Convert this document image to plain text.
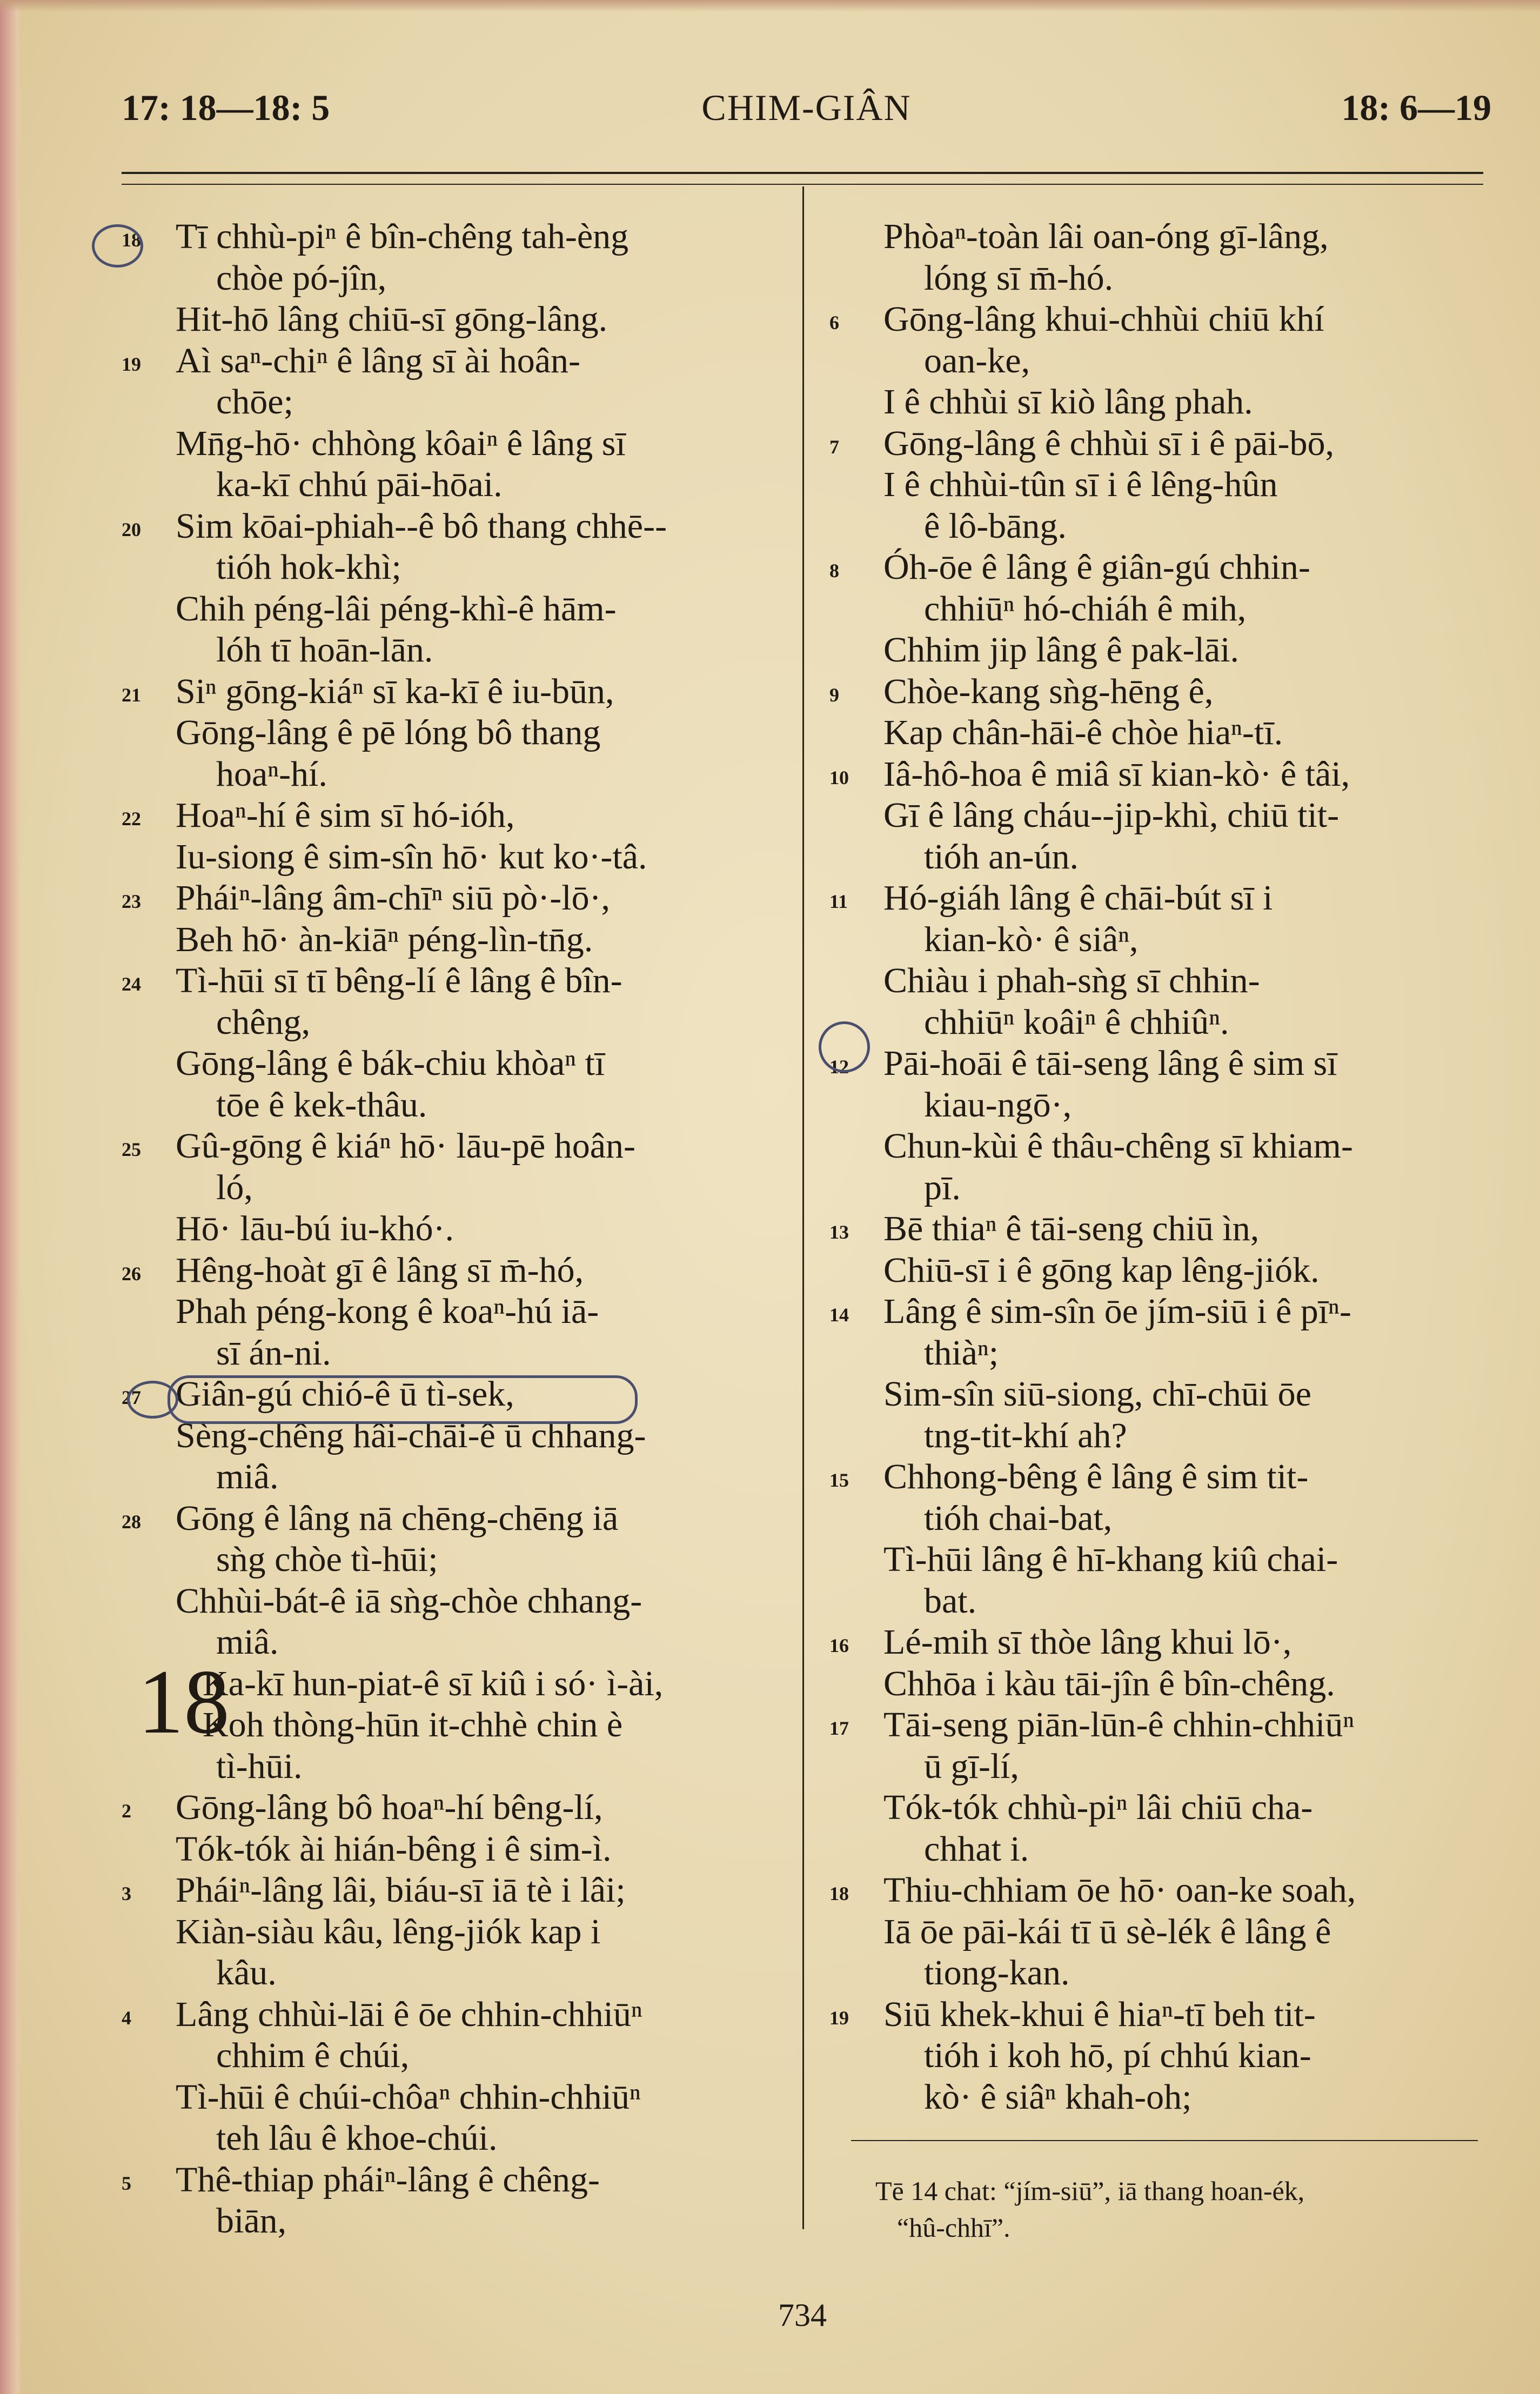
17: 18—18: 5	CHIM-GIÂN	18: 6—19
18 Tī chhù-piⁿ ê bîn-chêng tah-èng
chòe pó-jîn,
Hit-hō lâng chiū-sī gōng-lâng.
19 Aì saⁿ-chiⁿ ê lâng sī ài hoân-
chōe;
Mn̄g-hō· chhòng kôaiⁿ ê lâng sī
ka-kī chhú pāi-hōai.
20 Sim kōai-phiah--ê bô thang chhē--
tióh hok-khì;
Chih péng-lâi péng-khì-ê hām-
lóh tī hoān-lān.
21 Siⁿ gōng-kiáⁿ sī ka-kī ê iu-būn,
Gōng-lâng ê pē lóng bô thang
hoaⁿ-hí.
22 Hoaⁿ-hí ê sim sī hó-ióh,
Iu-siong ê sim-sîn hō· kut ko·-tâ.
23 Pháiⁿ-lâng âm-chīⁿ siū pò·-lō·,
Beh hō· àn-kiāⁿ péng-lìn-tn̄g.
24 Tì-hūi sī tī bêng-lí ê lâng ê bîn-
chêng,
Gōng-lâng ê bák-chiu khòaⁿ tī
tōe ê kek-thâu.
25 Gû-gōng ê kiáⁿ hō· lāu-pē hoân-
ló,
Hō· lāu-bú iu-khó·.
26 Hêng-hoàt gī ê lâng sī m̄-hó,
Phah péng-kong ê koaⁿ-hú iā-
sī án-ni.
27 Giân-gú chió-ê ū tì-sek,
Sèng-chêng hâi-chāi-ê ū chhang-
miâ.
28 Gōng ê lâng nā chēng-chēng iā
sǹg chòe tì-hūi;
Chhùi-bát-ê iā sǹg-chòe chhang-
miâ.
18
Ka-kī hun-piat-ê sī kiû i só· ì-ài,
Koh thòng-hūn it-chhè chin è
tì-hūi.
2 Gōng-lâng bô hoaⁿ-hí bêng-lí,
Tók-tók ài hián-bêng i ê sim-ì.
3 Pháiⁿ-lâng lâi, biáu-sī iā tè i lâi;
Kiàn-siàu kâu, lêng-jiók kap i
kâu.
4 Lâng chhùi-lāi ê ōe chhin-chhiūⁿ
chhim ê chúi,
Tì-hūi ê chúi-chôaⁿ chhin-chhiūⁿ
teh lâu ê khoe-chúi.
5 Thê-thiap pháiⁿ-lâng ê chêng-
biān,
Phòaⁿ-toàn lâi oan-óng gī-lâng,
lóng sī m̄-hó.
6 Gōng-lâng khui-chhùi chiū khí
oan-ke,
I ê chhùi sī kiò lâng phah.
7 Gōng-lâng ê chhùi sī i ê pāi-bō,
I ê chhùi-tûn sī i ê lêng-hûn
ê lô-bāng.
8 Óh-ōe ê lâng ê giân-gú chhin-
chhiūⁿ hó-chiáh ê mih,
Chhim jip lâng ê pak-lāi.
9 Chòe-kang sǹg-hēng ê,
Kap chân-hāi-ê chòe hiaⁿ-tī.
10 Iâ-hô-hoa ê miâ sī kian-kò· ê tâi,
Gī ê lâng cháu--jip-khì, chiū tit-
tióh an-ún.
11 Hó-giáh lâng ê chāi-bút sī i
kian-kò· ê siâⁿ,
Chiàu i phah-sǹg sī chhin-
chhiūⁿ koâiⁿ ê chhiûⁿ.
12 Pāi-hoāi ê tāi-seng lâng ê sim sī
kiau-ngō·,
Chun-kùi ê thâu-chêng sī khiam-
pī.
13 Bē thiaⁿ ê tāi-seng chiū ìn,
Chiū-sī i ê gōng kap lêng-jiók.
14 Lâng ê sim-sîn ōe jím-siū i ê pīⁿ-
thiàⁿ;
Sim-sîn siū-siong, chī-chūi ōe
tng-tit-khí ah?
15 Chhong-bêng ê lâng ê sim tit-
tióh chai-bat,
Tì-hūi lâng ê hī-khang kiû chai-
bat.
16 Lé-mih sī thòe lâng khui lō·,
Chhōa i kàu tāi-jîn ê bîn-chêng.
17 Tāi-seng piān-lūn-ê chhin-chhiūⁿ
ū gī-lí,
Tók-tók chhù-piⁿ lâi chiū cha-
chhat i.
18 Thiu-chhiam ōe hō· oan-ke soah,
Iā ōe pāi-kái tī ū sè-lék ê lâng ê
tiong-kan.
19 Siū khek-khui ê hiaⁿ-tī beh tit-
tióh i koh hō, pí chhú kian-
kò· ê siâⁿ khah-oh;
Tē 14 chat: “jím-siū”, iā thang hoan-ék,
“hû-chhī”.
734
